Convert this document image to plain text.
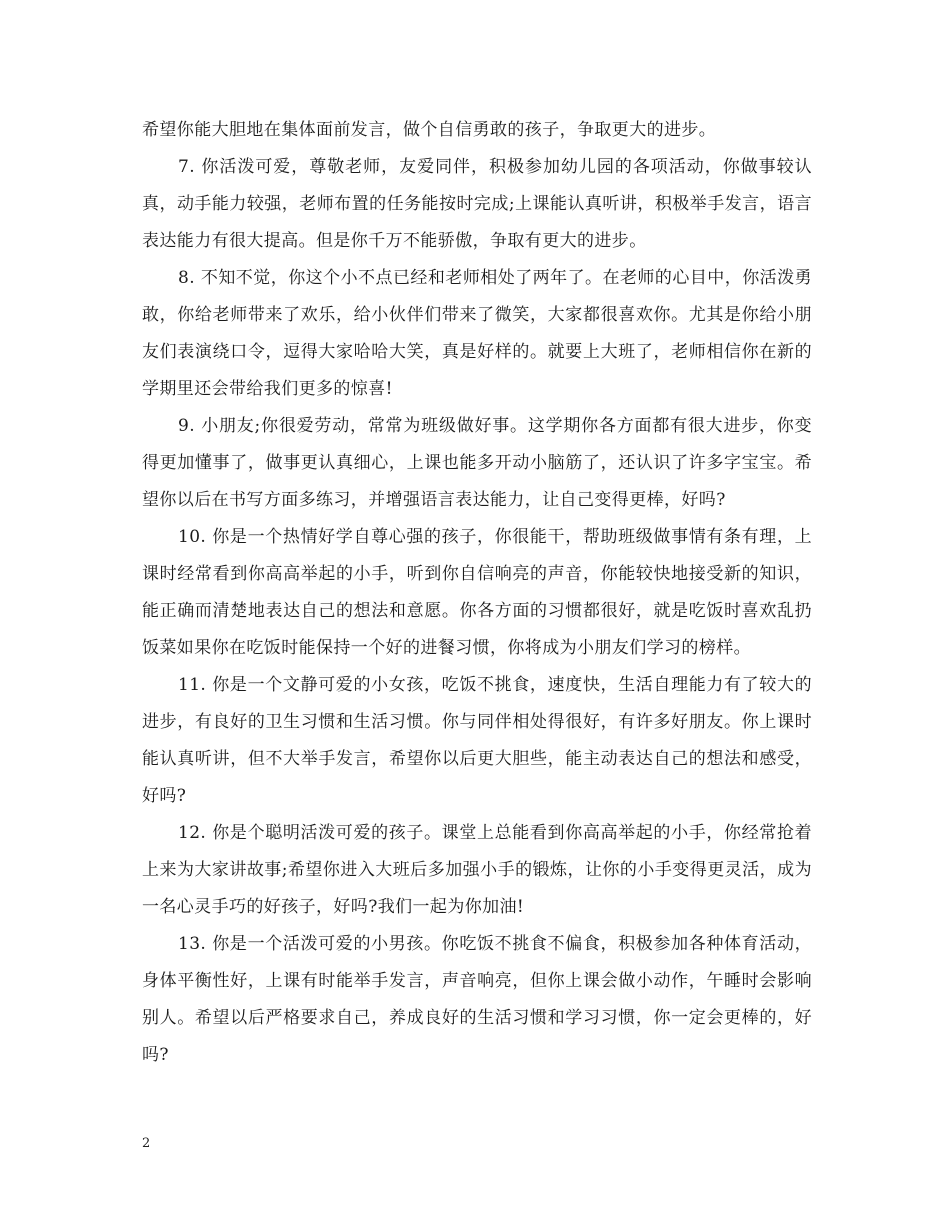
希望你能大胆地在集体面前发言，做个自信勇敢的孩子，争取更大的进步。

7. 你活泼可爱，尊敬老师，友爱同伴，积极参加幼儿园的各项活动，你做事较认真，动手能力较强，老师布置的任务能按时完成;上课能认真听讲，积极举手发言，语言表达能力有很大提高。但是你千万不能骄傲，争取有更大的进步。

8. 不知不觉，你这个小不点已经和老师相处了两年了。在老师的心目中，你活泼勇敢，你给老师带来了欢乐，给小伙伴们带来了微笑，大家都很喜欢你。尤其是你给小朋友们表演绕口令，逗得大家哈哈大笑，真是好样的。就要上大班了，老师相信你在新的学期里还会带给我们更多的惊喜!

9. 小朋友;你很爱劳动，常常为班级做好事。这学期你各方面都有很大进步，你变得更加懂事了，做事更认真细心，上课也能多开动小脑筋了，还认识了许多字宝宝。希望你以后在书写方面多练习，并增强语言表达能力，让自己变得更棒，好吗?

10. 你是一个热情好学自尊心强的孩子，你很能干，帮助班级做事情有条有理，上课时经常看到你高高举起的小手，听到你自信响亮的声音，你能较快地接受新的知识，能正确而清楚地表达自己的想法和意愿。你各方面的习惯都很好，就是吃饭时喜欢乱扔饭菜如果你在吃饭时能保持一个好的进餐习惯，你将成为小朋友们学习的榜样。

11. 你是一个文静可爱的小女孩，吃饭不挑食，速度快，生活自理能力有了较大的进步，有良好的卫生习惯和生活习惯。你与同伴相处得很好，有许多好朋友。你上课时能认真听讲，但不大举手发言，希望你以后更大胆些，能主动表达自己的想法和感受，好吗?

12. 你是个聪明活泼可爱的孩子。课堂上总能看到你高高举起的小手，你经常抢着上来为大家讲故事;希望你进入大班后多加强小手的锻炼，让你的小手变得更灵活，成为一名心灵手巧的好孩子，好吗?我们一起为你加油!

13. 你是一个活泼可爱的小男孩。你吃饭不挑食不偏食，积极参加各种体育活动，身体平衡性好，上课有时能举手发言，声音响亮，但你上课会做小动作，午睡时会影响别人。希望以后严格要求自己，养成良好的生活习惯和学习习惯，你一定会更棒的，好吗?

2
